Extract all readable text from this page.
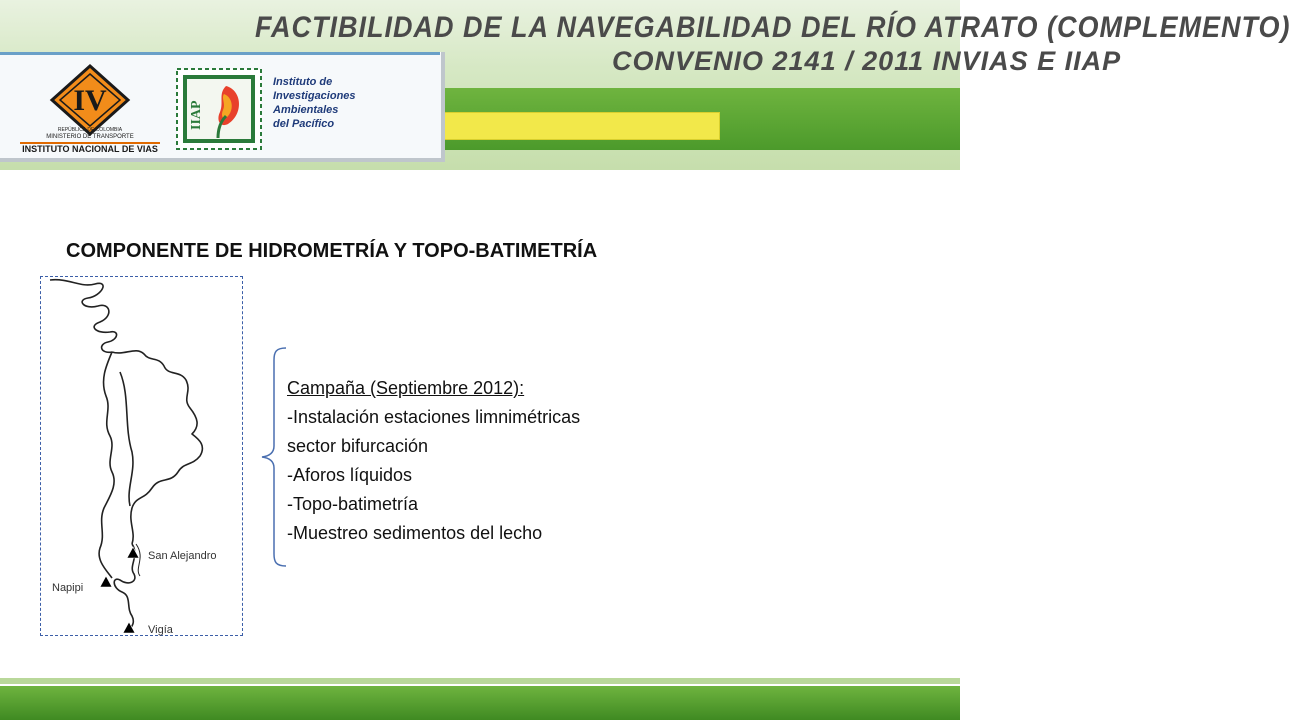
FACTIBILIDAD DE LA NAVEGABILIDAD DEL RÍO ATRATO (COMPLEMENTO)
CONVENIO 2141 / 2011 INVIAS E IIAP
IV
REPÚBLICA DE COLOMBIA
MINISTERIO DE TRANSPORTE
INSTITUTO NACIONAL DE VIAS
IIAP
Instituto de
Investigaciones
Ambientales
del Pacífico
COMPONENTE DE HIDROMETRÍA Y TOPO-BATIMETRÍA
San Alejandro
Napipi
Vigía
Campaña (Septiembre 2012):
-Instalación estaciones limnimétricas
sector bifurcación
-Aforos líquidos
-Topo-batimetría
-Muestreo sedimentos del lecho
